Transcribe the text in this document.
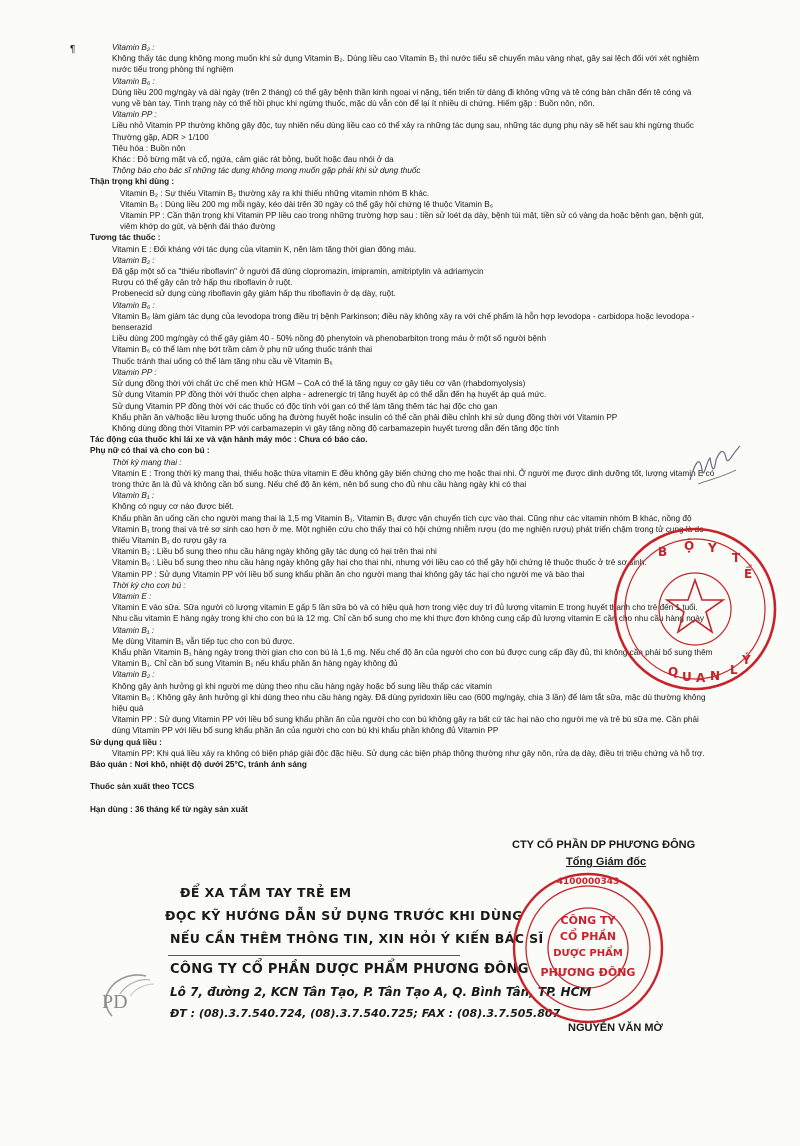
¶	Vitamin B₂ :
Không thấy tác dụng không mong muốn khi sử dụng Vitamin B₂. Dùng liều cao Vitamin B₂ thì nước tiểu sẽ chuyển màu vàng nhạt, gây sai lệch đối với xét nghiệm
nước tiểu trong phòng thí nghiệm
Vitamin B₆ :
Dùng liều 200 mg/ngày và dài ngày (trên 2 tháng) có thể gây bệnh thần kinh ngoại vi nặng, tiến triển từ dáng đi không vững và tê cóng bàn chân đến tê cóng và
vụng về bàn tay. Tình trạng này có thể hồi phục khi ngừng thuốc, mặc dù vẫn còn để lại ít nhiều di chứng. Hiếm gặp : Buồn nôn, nôn.
Vitamin PP :
Liều nhỏ Vitamin PP thường không gây độc, tuy nhiên nếu dùng liều cao có thể xảy ra những tác dụng sau, những tác dụng phụ này sẽ hết sau khi ngừng thuốc
Thường gặp, ADR > 1/100
Tiêu hóa : Buồn nôn
Khác : Đỏ bừng mặt và cổ, ngứa, cảm giác rát bỏng, buốt hoặc đau nhói ở da
Thông báo cho bác sĩ những tác dụng không mong muốn gặp phải khi sử dụng thuốc
Thận trọng khi dùng :
Vitamin B₂ : Sự thiếu Vitamin B₂ thường xảy ra khi thiếu những vitamin nhóm B khác.
Vitamin B₆ : Dùng liều 200 mg mỗi ngày, kéo dài trên 30 ngày có thể gây hội chứng lệ thuộc Vitamin B₆
Vitamin PP : Cần thận trọng khi Vitamin PP liều cao trong những trường hợp sau : tiền sử loét dạ dày, bệnh túi mật, tiền sử có vàng da hoặc bệnh gan, bệnh gút,
viêm khớp do gút, và bệnh đái tháo đường
Tương tác thuốc :
Vitamin E : Đối kháng với tác dụng của vitamin K, nên làm tăng thời gian đông máu.
Vitamin B₂ :
Đã gặp một số ca "thiếu riboflavin" ở người đã dùng clopromazin, imipramin, amitriptylin và adriamycin
Rượu có thể gây cản trở hấp thu riboflavin ở ruột.
Probenecid sử dụng cùng riboflavin gây giảm hấp thu riboflavin ở dạ dày, ruột.
Vitamin B₆ :
Vitamin B₆ làm giảm tác dụng của levodopa trong điều trị bệnh Parkinson; điều này không xảy ra với chế phẩm là hỗn hợp levodopa - carbidopa hoặc levodopa -
benserazid
Liều dùng 200 mg/ngày có thể gây giảm 40 - 50% nồng độ phenytoin và phenobarbiton trong máu ở một số người bệnh
Vitamin B₆ có thể làm nhẹ bớt trầm cảm ở phụ nữ uống thuốc tránh thai
Thuốc tránh thai uống có thể làm tăng nhu cầu về Vitamin B₆
Vitamin PP :
Sử dụng đồng thời với chất ức chế men khử HGM – CoA có thể là tăng nguy cơ gây tiêu cơ vân (rhabdomyolysis)
Sử dụng Vitamin PP đồng thời với thuốc chẹn alpha - adrenergic trị tăng huyết áp có thể dẫn đến hạ huyết áp quá mức.
Sử dụng Vitamin PP đồng thời với các thuốc có độc tính với gan có thể làm tăng thêm tác hại độc cho gan
Khẩu phần ăn và/hoặc liều lượng thuốc uống hạ đường huyết hoặc insulin có thể cần phải điều chỉnh khi sử dụng đồng thời với Vitamin PP
Không dùng đồng thời Vitamin PP với carbamazepin vì gây tăng nồng độ carbamazepin huyết tương dẫn đến tăng độc tính
Tác động của thuốc khi lái xe và vận hành máy móc : Chưa có báo cáo.
Phụ nữ có thai và cho con bú :
Thời kỳ mang thai :
Vitamin E : Trong thời kỳ mang thai, thiếu hoặc thừa vitamin E đều không gây biến chứng cho mẹ hoặc thai nhi. Ở người mẹ được dinh dưỡng tốt, lượng vitamin E có
trong thức ăn là đủ và không cần bổ sung. Nếu chế độ ăn kém, nên bổ sung cho đủ nhu cầu hàng ngày khi có thai
Vitamin B₁ :
Không có nguy cơ nào được biết.
Khẩu phần ăn uống cần cho người mang thai là 1,5 mg Vitamin B₁. Vitamin B₁ được vận chuyển tích cực vào thai. Cũng như các vitamin nhóm B khác, nồng độ
Vitamin B₁ trong thai và trẻ sơ sinh cao hơn ở mẹ. Một nghiên cứu cho thấy thai có hội chứng nhiễm rượu (do mẹ nghiện rượu) phát triển chậm trong tử cung là do
thiếu Vitamin B₁ do rượu gây ra
Vitamin B₂ : Liều bổ sung theo nhu cầu hàng ngày không gây tác dụng có hại trên thai nhi
Vitamin B₆ : Liều bổ sung theo nhu cầu hàng ngày không gây hại cho thai nhi, nhưng với liều cao có thể gây hội chứng lệ thuộc thuốc ở trẻ sơ sinh.
Vitamin PP : Sử dụng Vitamin PP với liều bổ sung khẩu phần ăn cho người mang thai không gây tác hại cho người mẹ và bào thai
Thời kỳ cho con bú :
Vitamin E :
Vitamin E vào sữa. Sữa người có lượng vitamin E gấp 5 lần sữa bò và có hiệu quả hơn trong việc duy trì đủ lượng vitamin E trong huyết thanh cho trẻ đến 1 tuổi.
Nhu cầu vitamin E hàng ngày trong khi cho con bú là 12 mg. Chỉ cần bổ sung cho mẹ khi thực đơn không cung cấp đủ lượng vitamin E cần cho nhu cầu hàng ngày
Vitamin B₁ :
Mẹ dùng Vitamin B₁ vẫn tiếp tục cho con bú được.
Khẩu phần Vitamin B₁ hàng ngày trong thời gian cho con bú là 1,6 mg. Nếu chế độ ăn của người cho con bú được cung cấp đầy đủ, thì không cần phải bổ sung thêm
Vitamin B₁. Chỉ cần bổ sung Vitamin B₁ nếu khẩu phần ăn hàng ngày không đủ
Vitamin B₂ :
Không gây ảnh hưởng gì khi người mẹ dùng theo nhu cầu hàng ngày hoặc bổ sung liều thấp các vitamin
Vitamin B₆ : Không gây ảnh hưởng gì khi dùng theo nhu cầu hàng ngày. Đã dùng pyridoxin liều cao (600 mg/ngày, chia 3 lần) để làm tắt sữa, mặc dù thường không
hiệu quả
Vitamin PP : Sử dụng Vitamin PP với liều bổ sung khẩu phần ăn của người cho con bú không gây ra bất cứ tác hại nào cho người mẹ và trẻ bú sữa mẹ. Cần phải
dùng Vitamin PP với liều bổ sung khẩu phần ăn của người cho con bú khi khẩu phần không đủ Vitamin PP
Sử dụng quá liều :
Vitamin PP: Khi quá liều xảy ra không có biện pháp giải độc đặc hiệu. Sử dụng các biện pháp thông thường như gây nôn, rửa dạ dày, điều trị triệu chứng và hỗ trợ.
Bảo quản : Nơi khô, nhiệt độ dưới 25°C, tránh ánh sáng

Thuốc sản xuất theo TCCS

Hạn dùng : 36 tháng kể từ ngày sản xuất
ĐỂ XA TẦM TAY TRẺ EM
ĐỌC KỸ HƯỚNG DẪN SỬ DỤNG TRƯỚC KHI DÙNG
NẾU CẦN THÊM THÔNG TIN, XIN HỎI Ý KIẾN BÁC SĨ
PD
CÔNG TY CỔ PHẦN DƯỢC PHẨM PHƯƠNG ĐÔNG
Lô 7, đường 2, KCN Tân Tạo, P. Tân Tạo A, Q. Bình Tân, TP. HCM
ĐT : (08).3.7.540.724, (08).3.7.540.725; FAX : (08).3.7.505.807
CTY CỔ PHẦN DP PHƯƠNG ĐÔNG
Tổng Giám đốc
NGUYỄN VĂN MỜ
B Ộ Y
T
Ế
Q U A N L
Ý
CÔNG TY
CỔ PHẦN
DƯỢC PHẨM
PHƯƠNG ĐÔNG
4100000343
